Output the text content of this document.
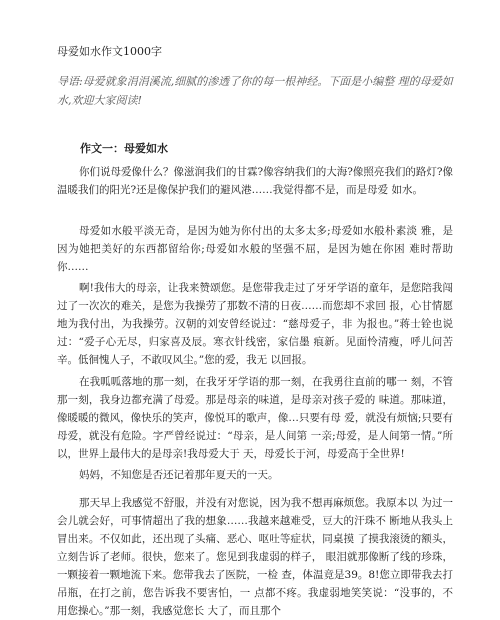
母爱如水作文1000字
导语:母爱就象涓涓溪流,细腻的渗透了你的每一根神经。下面是小编整 理的母爱如水,欢迎大家阅读!
作文一：母爱如水
你们说母爱像什么？像滋润我们的甘霖?像容纳我们的大海?像照亮我们的路灯?像温暖我们的阳光?还是像保护我们的避风港……我觉得都不是，而是母爱 如水。
母爱如水般平淡无奇，是因为她为你付出的太多太多;母爱如水般朴素淡 雅，是因为她把美好的东西都留给你;母爱如水般的坚强不屈，是因为她在你困 难时帮助你……
啊!我伟大的母亲，让我来赞颂您。是您带我走过了牙牙学语的童年，是您陪我闯过了一次次的难关，是您为我操劳了那数不清的日夜……而您却不求回 报，心甘情愿地为我付出，为我操劳。汉朝的刘安曾经说过：“慈母爱子，非 为报也。”蒋士铨也说过：“爱子心无尽，归家喜及辰。寒衣针线密，家信墨 痕新。见面怜清瘦，呼儿问苦辛。低徊愧人子，不敢叹风尘。”您的爱，我无 以回报。
在我呱呱落地的那一刻，在我牙牙学语的那一刻，在我勇往直前的哪一 刻，不管那一刻，我身边都充满了母爱。那是母亲的味道，是母亲对孩子爱的 味道。那味道，像暖暖的微风，像快乐的笑声，像悦耳的歌声，像…只要有母 爱，就没有烦恼;只要有母爱，就没有危险。字严曾经说过：“母亲，是人间第 一亲;母爱，是人间第一情。”所以，世界上最伟大的是母亲!我母爱大于 天，母爱长于河，母爱高于全世界!
妈妈，不知您是否还记着那年夏天的一天。
那天早上我感觉不舒服，并没有对您说，因为我不想再麻烦您。我原本以 为过一会儿就会好，可事情超出了我的想象……我越来越难受，豆大的汗珠不 断地从我头上冒出来。不仅如此，还出现了头痛、恶心、呕吐等症状，同桌摸 了摸我滚烫的额头，立刻告诉了老师。很快，您来了。您见到我虚弱的样子， 眼泪就那像断了线的珍珠，一颗接着一颗地流下来。您带我去了医院，一检 查，体温竟是39。8!您立即带我去打吊瓶，在打之前，您告诉我不要害怕，一 点都不疼。我虚弱地笑笑说：“没事的，不用您操心。”那一刻，我感觉您长 大了，而且那个
